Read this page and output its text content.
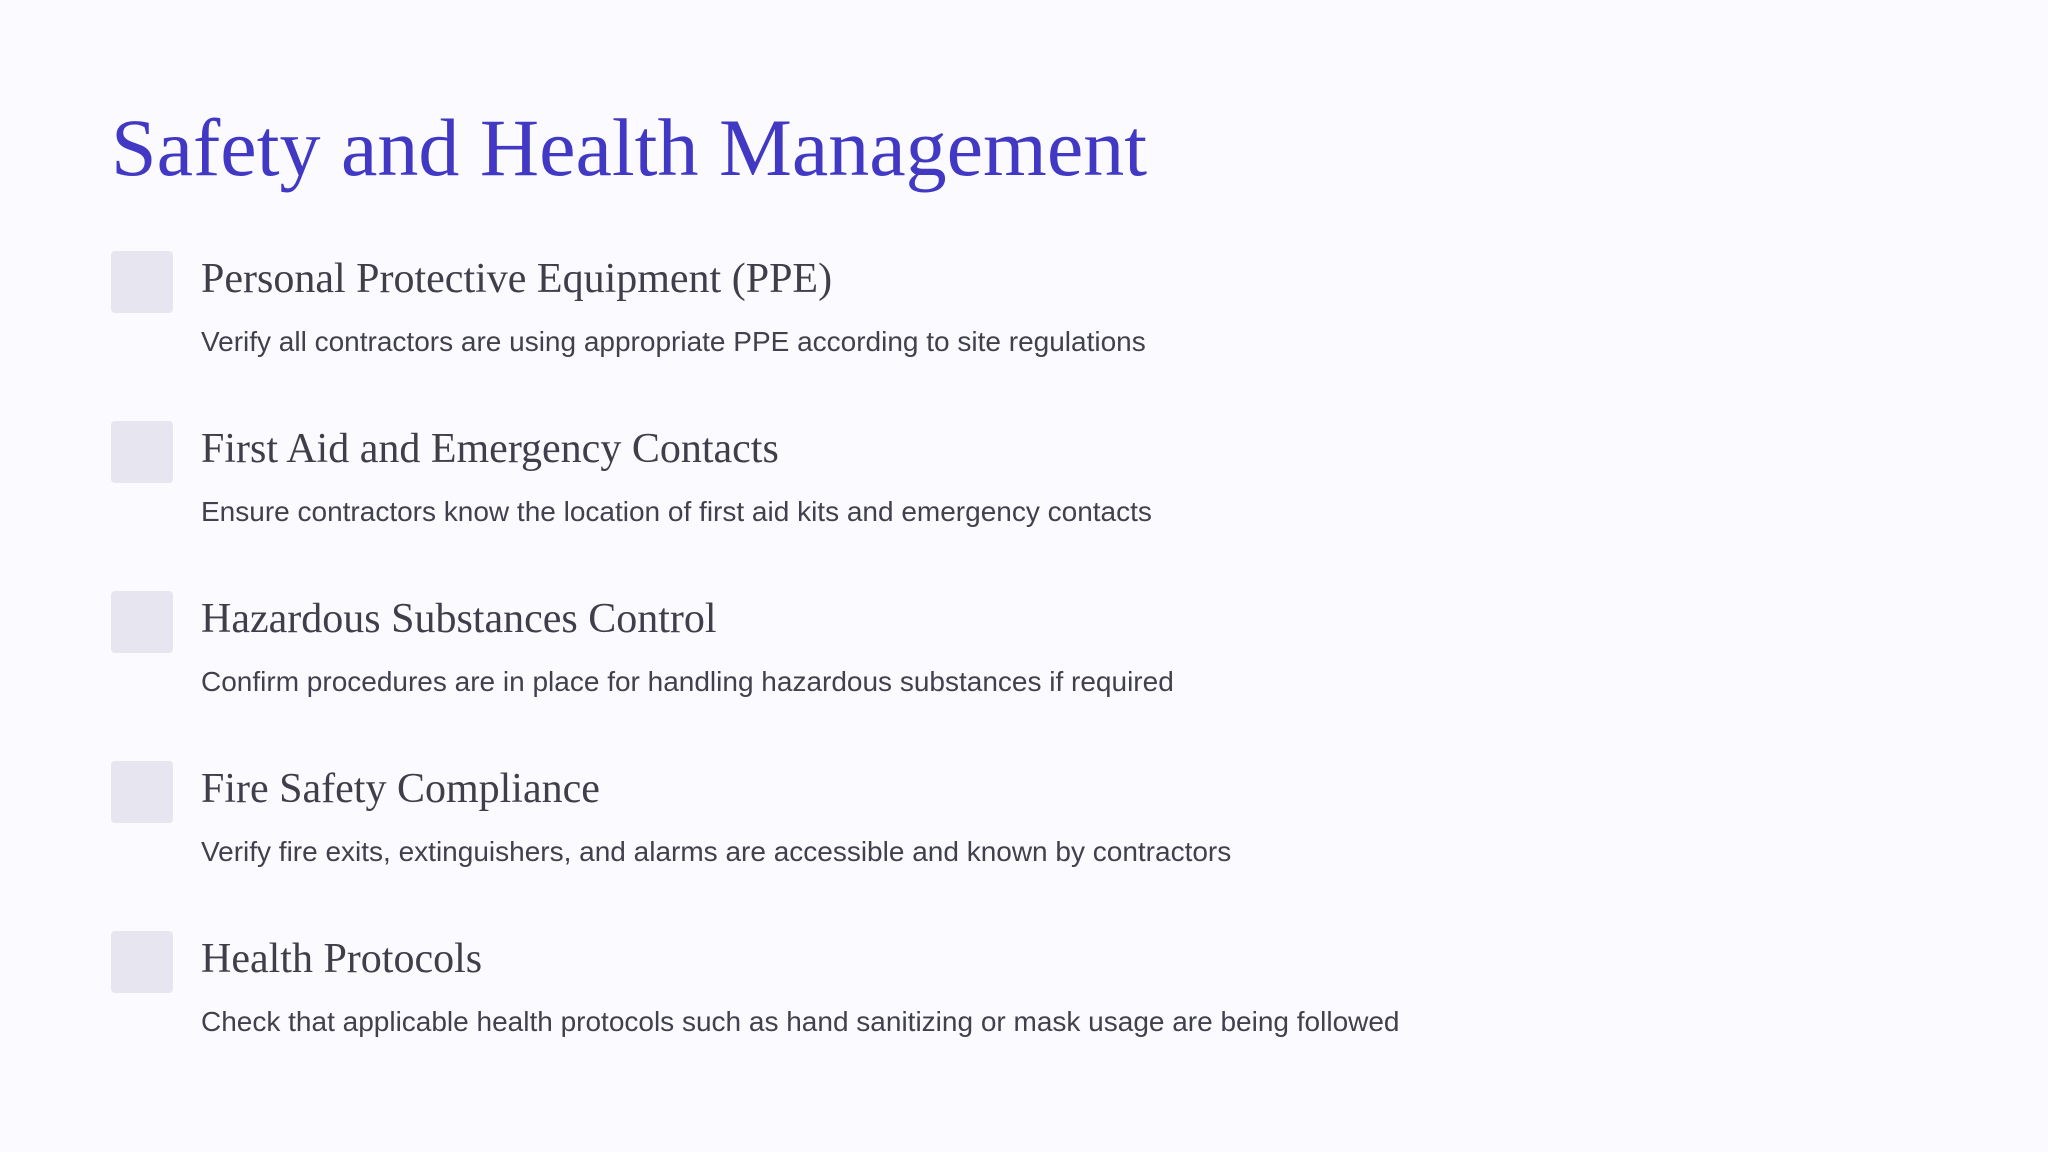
Safety and Health Management
Personal Protective Equipment (PPE)
Verify all contractors are using appropriate PPE according to site regulations
First Aid and Emergency Contacts
Ensure contractors know the location of first aid kits and emergency contacts
Hazardous Substances Control
Confirm procedures are in place for handling hazardous substances if required
Fire Safety Compliance
Verify fire exits, extinguishers, and alarms are accessible and known by contractors
Health Protocols
Check that applicable health protocols such as hand sanitizing or mask usage are being followed
